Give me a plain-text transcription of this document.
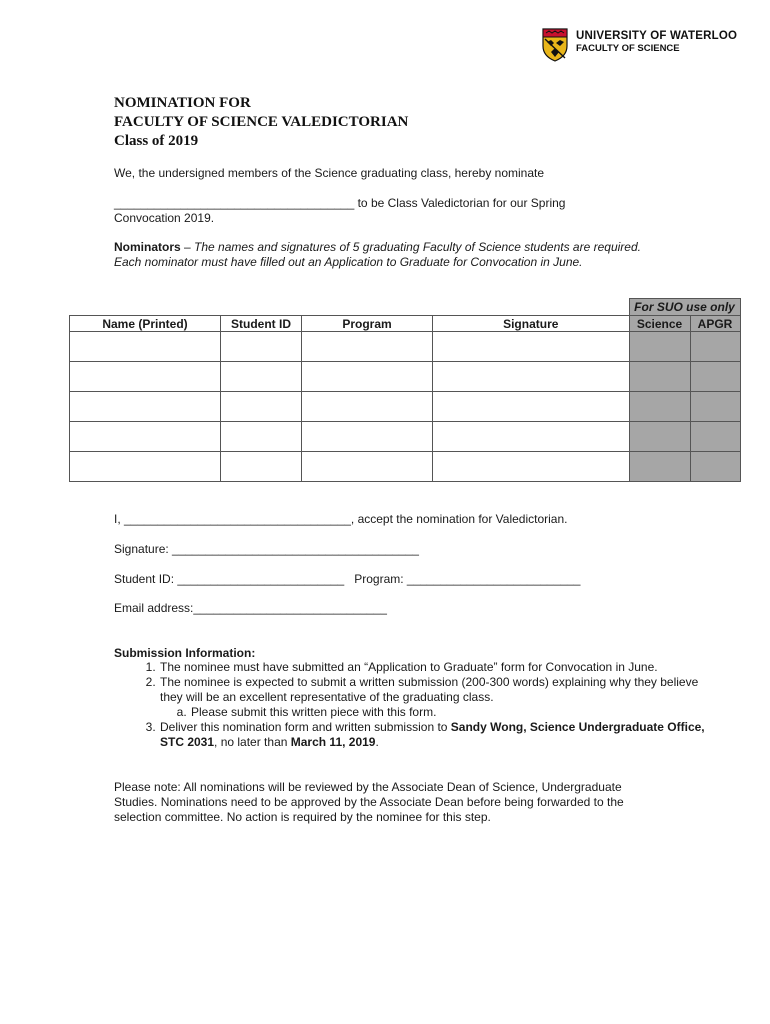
UNIVERSITY OF WATERLOO
FACULTY OF SCIENCE
NOMINATION FOR
FACULTY OF SCIENCE VALEDICTORIAN
Class of 2019
We, the undersigned members of the Science graduating class, hereby nominate
____________________________________ to be Class Valedictorian for our Spring
Convocation 2019.
Nominators – The names and signatures of 5 graduating Faculty of Science students are required. Each nominator must have filled out an Application to Graduate for Convocation in June.
				For SUO use only	
Name (Printed)	Student ID	Program	Signature	Science	APGR

I, __________________________________, accept the nomination for Valedictorian.
Signature: _____________________________________
Student ID: _________________________ Program: __________________________
Email address:_____________________________
Submission Information:
1. The nominee must have submitted an “Application to Graduate” form for Convocation in June.
2. The nominee is expected to submit a written submission (200-300 words) explaining why they believe they will be an excellent representative of the graduating class.
a. Please submit this written piece with this form.
3. Deliver this nomination form and written submission to Sandy Wong, Science Undergraduate Office, STC 2031, no later than March 11, 2019.
Please note: All nominations will be reviewed by the Associate Dean of Science, Undergraduate Studies. Nominations need to be approved by the Associate Dean before being forwarded to the selection committee. No action is required by the nominee for this step.
